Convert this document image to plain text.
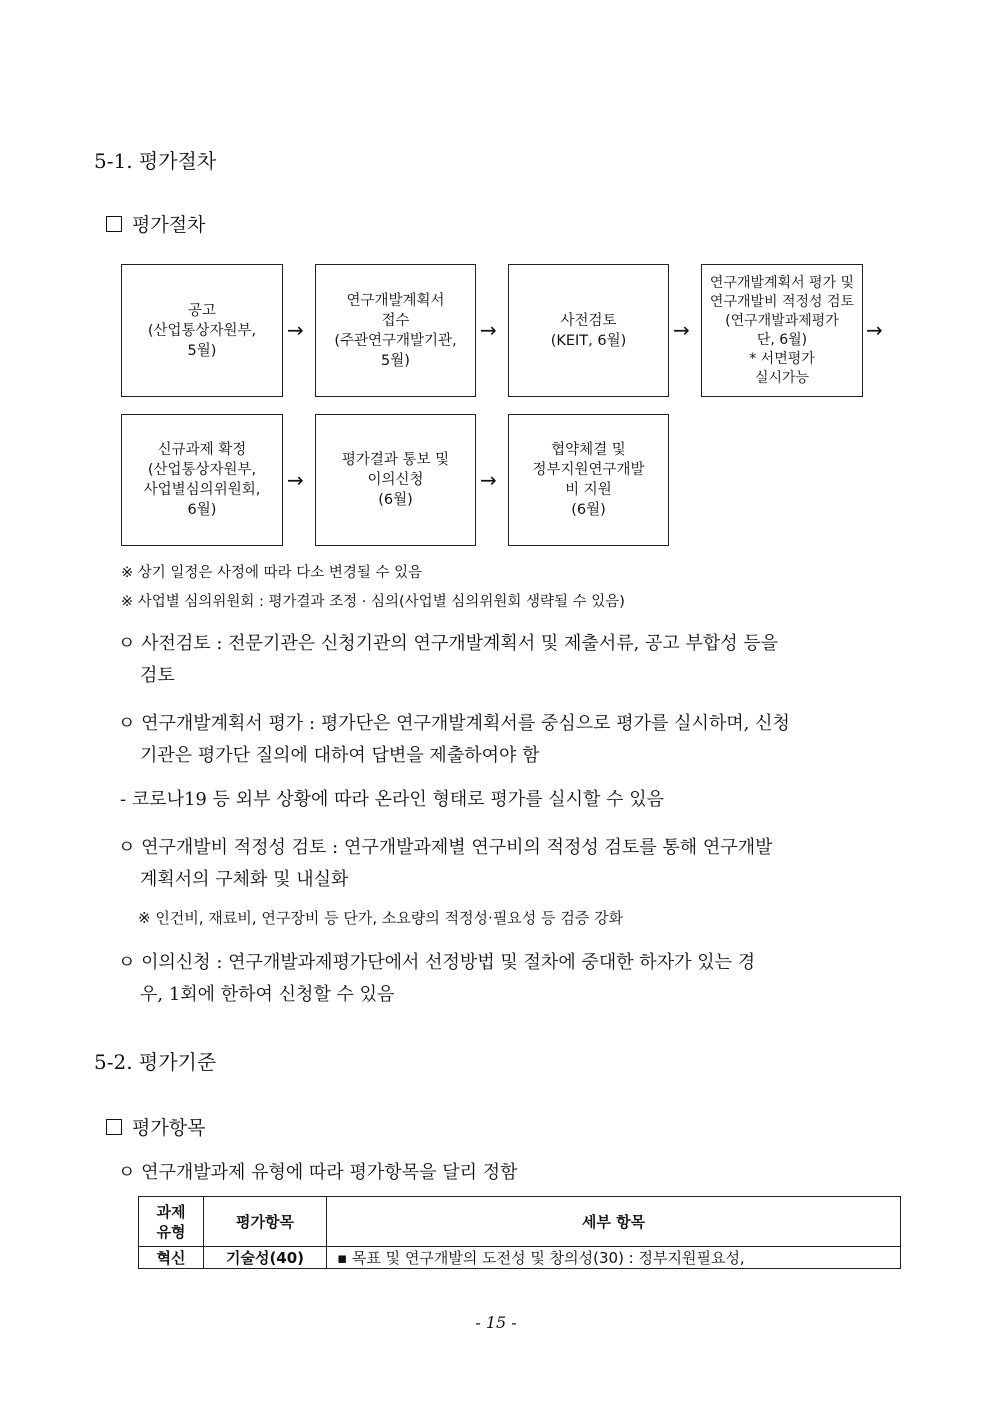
5-1. 평가절차
평가절차
공고
(산업통상자원부,
5월)
→
연구개발계획서
접수
(주관연구개발기관,
5월)
→	사전검토
(KEIT, 6월)	→
연구개발계획서 평가 및
연구개발비 적정성 검토
(연구개발과제평가
단, 6월)
* 서면평가
실시가능
→
신규과제 확정
(산업통상자원부,
사업별심의위원회,
6월)
→
평가결과 통보 및
이의신청
(6월)
→
협약체결 및
정부지원연구개발
비 지원
(6월)
※ 상기 일정은 사정에 따라 다소 변경될 수 있음
※ 사업별 심의위원회 : 평가결과 조정 · 심의(사업별 심의위원회 생략될 수 있음)
ㅇ 사전검토 : 전문기관은 신청기관의 연구개발계획서 및 제출서류, 공고 부합성 등을
검토
ㅇ 연구개발계획서 평가 : 평가단은 연구개발계획서를 중심으로 평가를 실시하며, 신청
기관은 평가단 질의에 대하여 답변을 제출하여야 함
- 코로나19 등 외부 상황에 따라 온라인 형태로 평가를 실시할 수 있음
ㅇ 연구개발비 적정성 검토 : 연구개발과제별 연구비의 적정성 검토를 통해 연구개발
계획서의 구체화 및 내실화
※ 인건비, 재료비, 연구장비 등 단가, 소요량의 적정성·필요성 등 검증 강화
ㅇ 이의신청 : 연구개발과제평가단에서 선정방법 및 절차에 중대한 하자가 있는 경
우, 1회에 한하여 신청할 수 있음
5-2. 평가기준
평가항목
ㅇ 연구개발과제 유형에 따라 평가항목을 달리 정함
과제
유형	평가항목	세부 항목
혁신	기술성(40)	▪ 목표 및 연구개발의 도전성 및 창의성(30) : 정부지원필요성,
- 15 -
